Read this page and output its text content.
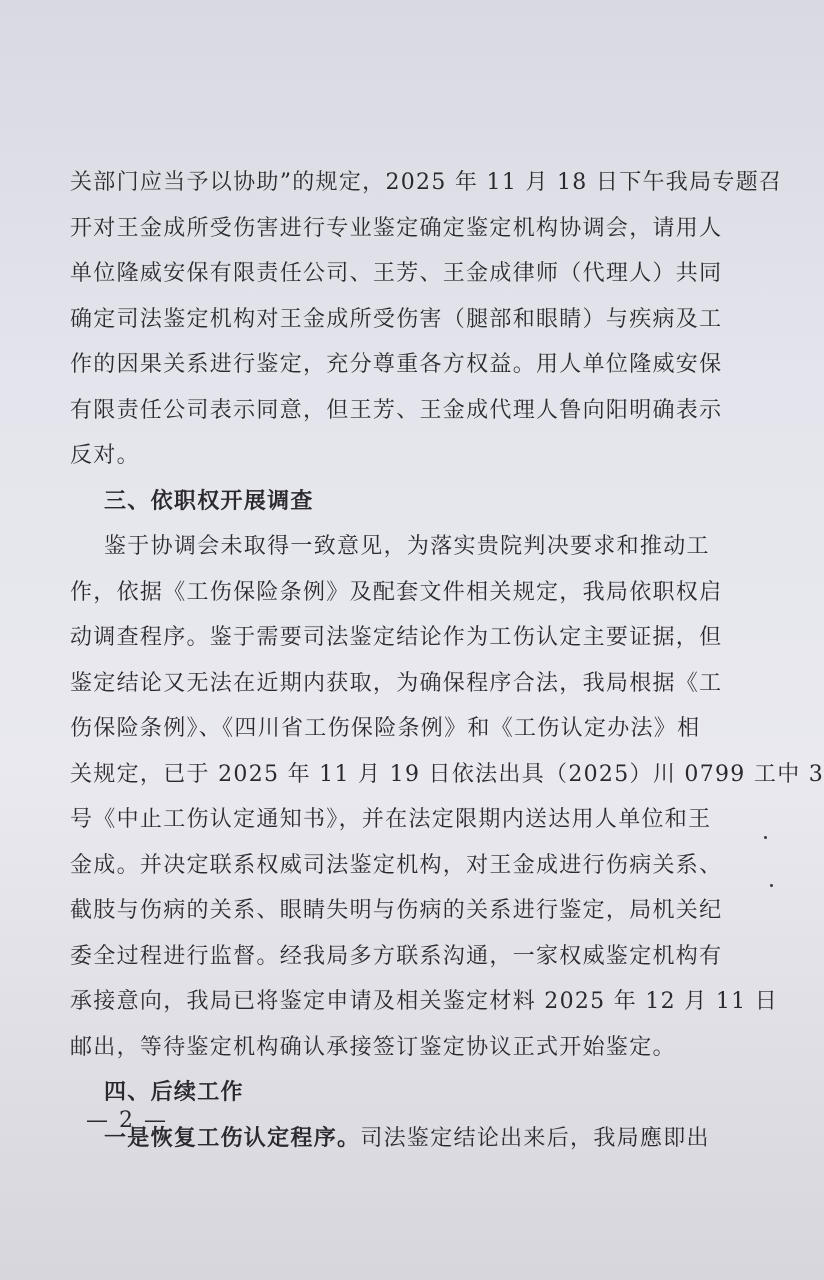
关部门应当予以协助”的规定，2025 年 11 月 18 日下午我局专题召

开对王金成所受伤害进行专业鉴定确定鉴定机构协调会，请用人

单位隆威安保有限责任公司、王芳、王金成律师（代理人）共同

确定司法鉴定机构对王金成所受伤害（腿部和眼睛）与疾病及工

作的因果关系进行鉴定，充分尊重各方权益。用人单位隆威安保

有限责任公司表示同意，但王芳、王金成代理人鲁向阳明确表示

反对。

三、依职权开展调查

鉴于协调会未取得一致意见，为落实贵院判决要求和推动工

作，依据《工伤保险条例》及配套文件相关规定，我局依职权启

动调查程序。鉴于需要司法鉴定结论作为工伤认定主要证据，但

鉴定结论又无法在近期内获取，为确保程序合法，我局根据《工

伤保险条例》、《四川省工伤保险条例》和《工伤认定办法》相

关规定，已于 2025 年 11 月 19 日依法出具（2025）川 0799 工中 3

号《中止工伤认定通知书》，并在法定限期内送达用人单位和王

金成。并决定联系权威司法鉴定机构，对王金成进行伤病关系、

截肢与伤病的关系、眼睛失明与伤病的关系进行鉴定，局机关纪

委全过程进行监督。经我局多方联系沟通，一家权威鉴定机构有

承接意向，我局已将鉴定申请及相关鉴定材料 2025 年 12 月 11 日

邮出，等待鉴定机构确认承接签订鉴定协议正式开始鉴定。

四、后续工作

一是恢复工伤认定程序。司法鉴定结论出来后，我局應即出

— 2 —
